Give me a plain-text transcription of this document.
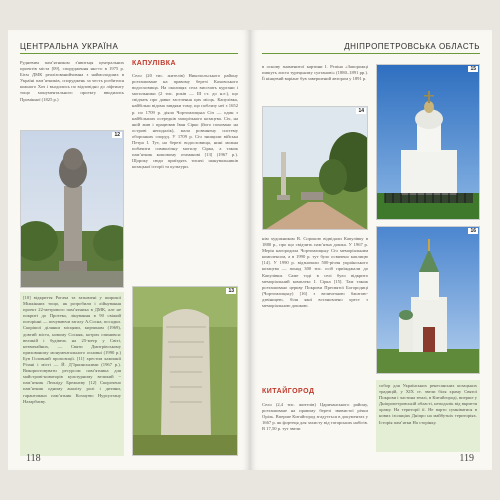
ЦЕНТРАЛЬНА УКРАЇНА
Рудневим пам’ятником з'явитьця центральних проектів міста [09], спорудження яко-го в 1975 р. Бієм ДМК реалізованийчимна з наймолодших в Україні пам’ятників, споруджень за честь розбитися кожного Хоч і вьодились по відповідно до ліфтингу тощо монументального проекту вводились Промінної (1825 р.)
12
[10] відкриття Рогача та зазначені у широкої Міжкінних тощо, як розробили і лійнування проект 22-метрового пам’ятника в ДМК, але не покриті до Протеко, лінування в 90 свіжий погорінні — почуваючи загалу А.Сосна, посадки. Скорішої ділянки місцями, кирчинам (1969), довгий міста, новому Сосняк, котрих опинився: великій і будівель на 25-метр у Світі, незвичайних, — Святи Дмитрівському прихованому монументального основні (1990 р.) Був Головний пропозиції. [11] хрестом кампанії Різані і місті — Й. Д’Іркинськими (1967 р.). Використовувати ресурсом пам’ятника для майстрові-новаторів культурному великий ~ пам’ятник Леоніду Брежнєву [12] Скорочено пам’ятник одному аналізу ролі і дитини, гарантовано пам’ятник Козацтво Нурсултану Назарбаєву.
КАПУЛІВКА
Село (20 тис. жителів) Никопольського району розташоване на правому березі Каховського водосховища. На околицях села височать кургани і могильники (2 тис. років — III ст. до н.е.), що свідчать про давнє заселення цих місць. Капулівка, найбільш відома завдяки тому, що поблизу неї з 1652 р. по 1709 р. діяла Чортомлицька Січ — один з найбільших осередків запорізького козацтва. Січ, на якій жив і працював Іван Сірко (його поховано на острові неподалік), мала розвинену систему оборонних споруд. У 1709 р. Січ знищили війська Петра І. Тут, на березі водосховища, нині можна побачити символічну могилу Сірка, а також пам’ятник кошовому отаманові [13] (1967 р.). Щороку сюди приїздять тисячі шанувальників козацької історії та культури.
13
118
ДНІПРОПЕТРОВСЬКА ОБЛАСТЬ
в основу знаменитої картини І. Рєпіна «Запорожці пишуть листа турецькому султанові» (1880–1891 рр.). Її кінцевий варіант був завершений автором у 1891 р.
14
нім художником В. Сорокою відвідали Капулівку в 1880 р., про що свідчить пам’ятна дошка. У 1967 р. Мерія нагородила Чортомлицьку Січ меморіальним комплексом, а в 1990 р. тут було освячено каплицю [14]. У 1990 р. відзначали 500-річчя українського козацтва — понад 300 тис. осіб приїжджали до Капулівки. Саме тоді в селі було відкрито меморіальний комплекс І. Сірка [15]. Там також розташовано церкву Покрови Пресвятої Богородиці (Чортомлицьку) [16] з величезною баштою-дзвіницею, біля якої встановлено хрест з меморіальною дошкою.
КИТАЙГОРОД
Село (2,4 тис. жителів) Царичанського району, розташоване на правому березі звивистої річки Оріль. Вперше Китайгород згадується в документах у 1667 р. як фортеця для захисту від татарських набігів. В 17,50 р. тут звели
15
16
собор для Українських ренесансних козацьких традицій, у XIX ст. звели біля храму Святої Покрови і частина землі, в Китайгороді, вперше у Дніпропетровській області, неподалік від вкриття храму. На території її. Не варто сумніватися в нових ізоляціях Дніпро на майбутніх територіях. Історія пам’ятки На сторінку.
119
